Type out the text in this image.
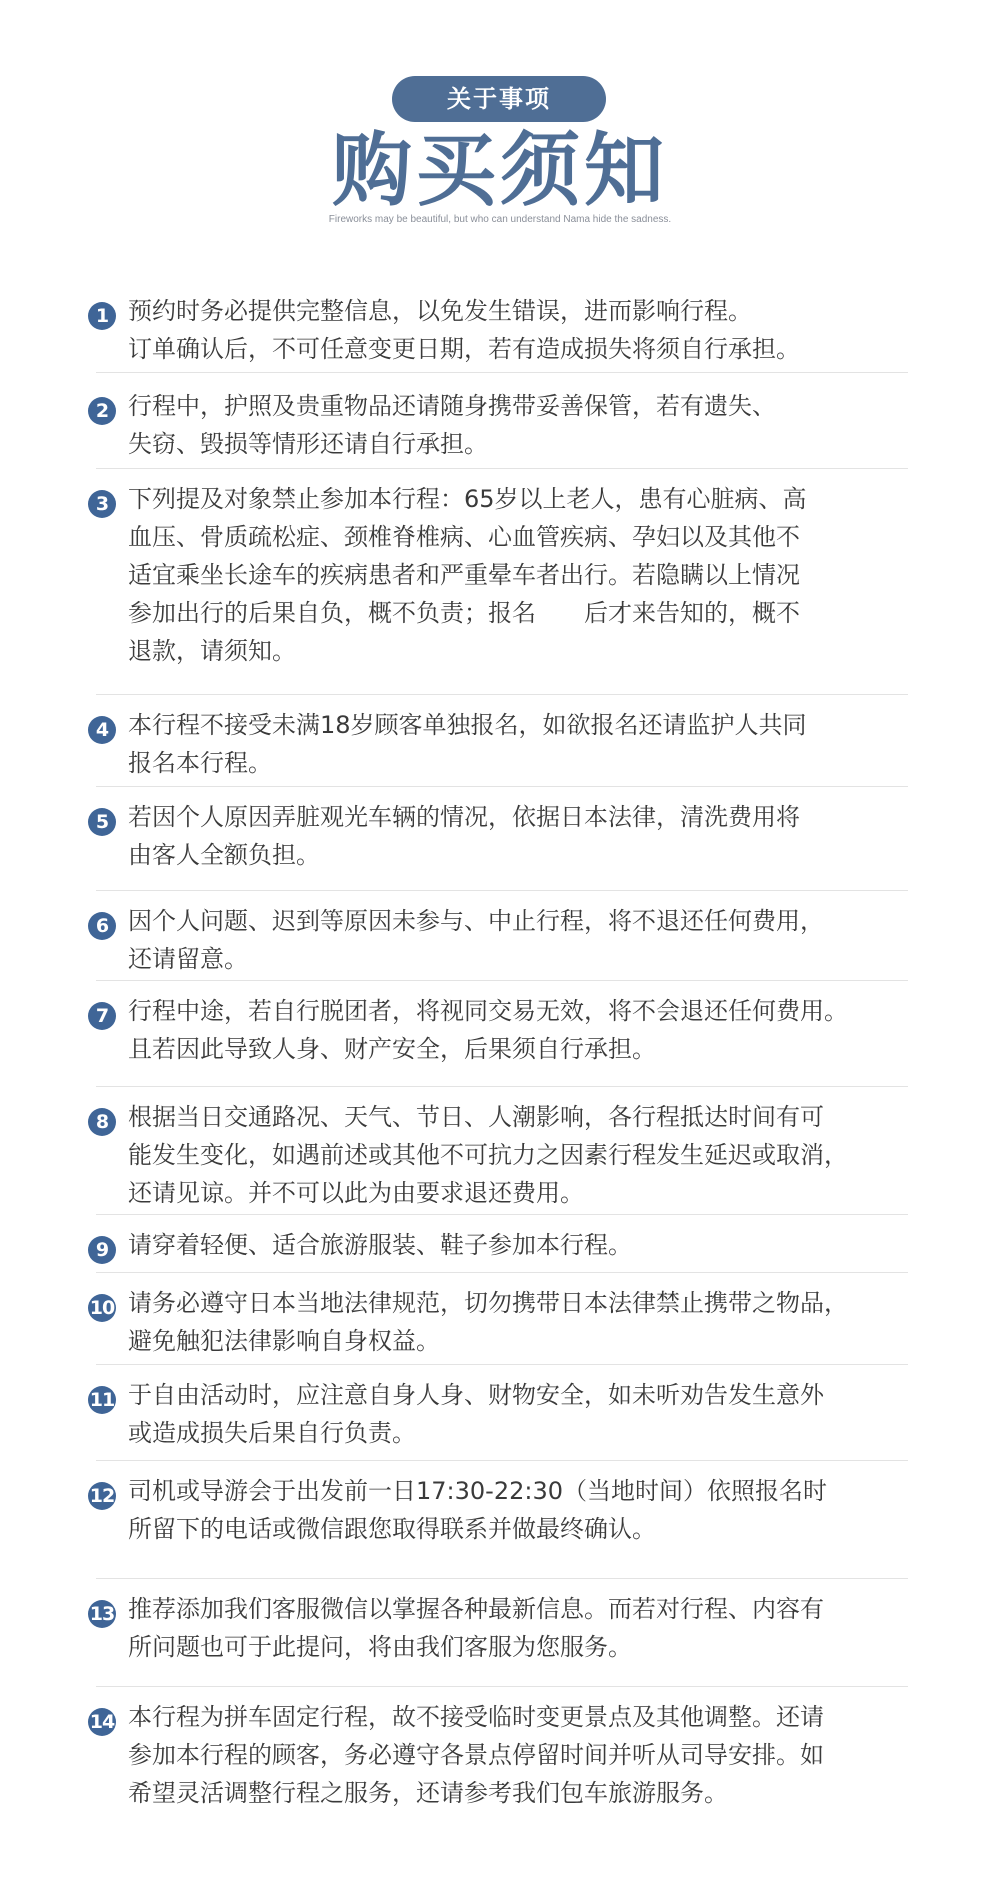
关于事项
购买须知
Fireworks may be beautiful, but who can understand Nama hide the sadness.
1 预约时务必提供完整信息，以免发生错误，进而影响行程。
订单确认后，不可任意变更日期，若有造成损失将须自行承担。
2 行程中，护照及贵重物品还请随身携带妥善保管，若有遗失、
失窃、毁损等情形还请自行承担。
3 下列提及对象禁止参加本行程：65岁以上老人，患有心脏病、高
血压、骨质疏松症、颈椎脊椎病、心血管疾病、孕妇以及其他不
适宜乘坐长途车的疾病患者和严重晕车者出行。若隐瞒以上情况
参加出行的后果自负，概不负责；报名　　后才来告知的，概不
退款，请须知。
4 本行程不接受未满18岁顾客单独报名，如欲报名还请监护人共同
报名本行程。
5 若因个人原因弄脏观光车辆的情况，依据日本法律，清洗费用将
由客人全额负担。
6 因个人问题、迟到等原因未参与、中止行程，将不退还任何费用，
还请留意。
7 行程中途，若自行脱团者，将视同交易无效，将不会退还任何费用。
且若因此导致人身、财产安全，后果须自行承担。
8 根据当日交通路况、天气、节日、人潮影响，各行程抵达时间有可
能发生变化，如遇前述或其他不可抗力之因素行程发生延迟或取消，
还请见谅。并不可以此为由要求退还费用。
9 请穿着轻便、适合旅游服装、鞋子参加本行程。
10 请务必遵守日本当地法律规范，切勿携带日本法律禁止携带之物品，
避免触犯法律影响自身权益。
11 于自由活动时，应注意自身人身、财物安全，如未听劝告发生意外
或造成损失后果自行负责。
12 司机或导游会于出发前一日17:30-22:30（当地时间）依照报名时
所留下的电话或微信跟您取得联系并做最终确认。
13 推荐添加我们客服微信以掌握各种最新信息。而若对行程、内容有
所问题也可于此提问，将由我们客服为您服务。
14 本行程为拼车固定行程，故不接受临时变更景点及其他调整。还请
参加本行程的顾客，务必遵守各景点停留时间并听从司导安排。如
希望灵活调整行程之服务，还请参考我们包车旅游服务。
